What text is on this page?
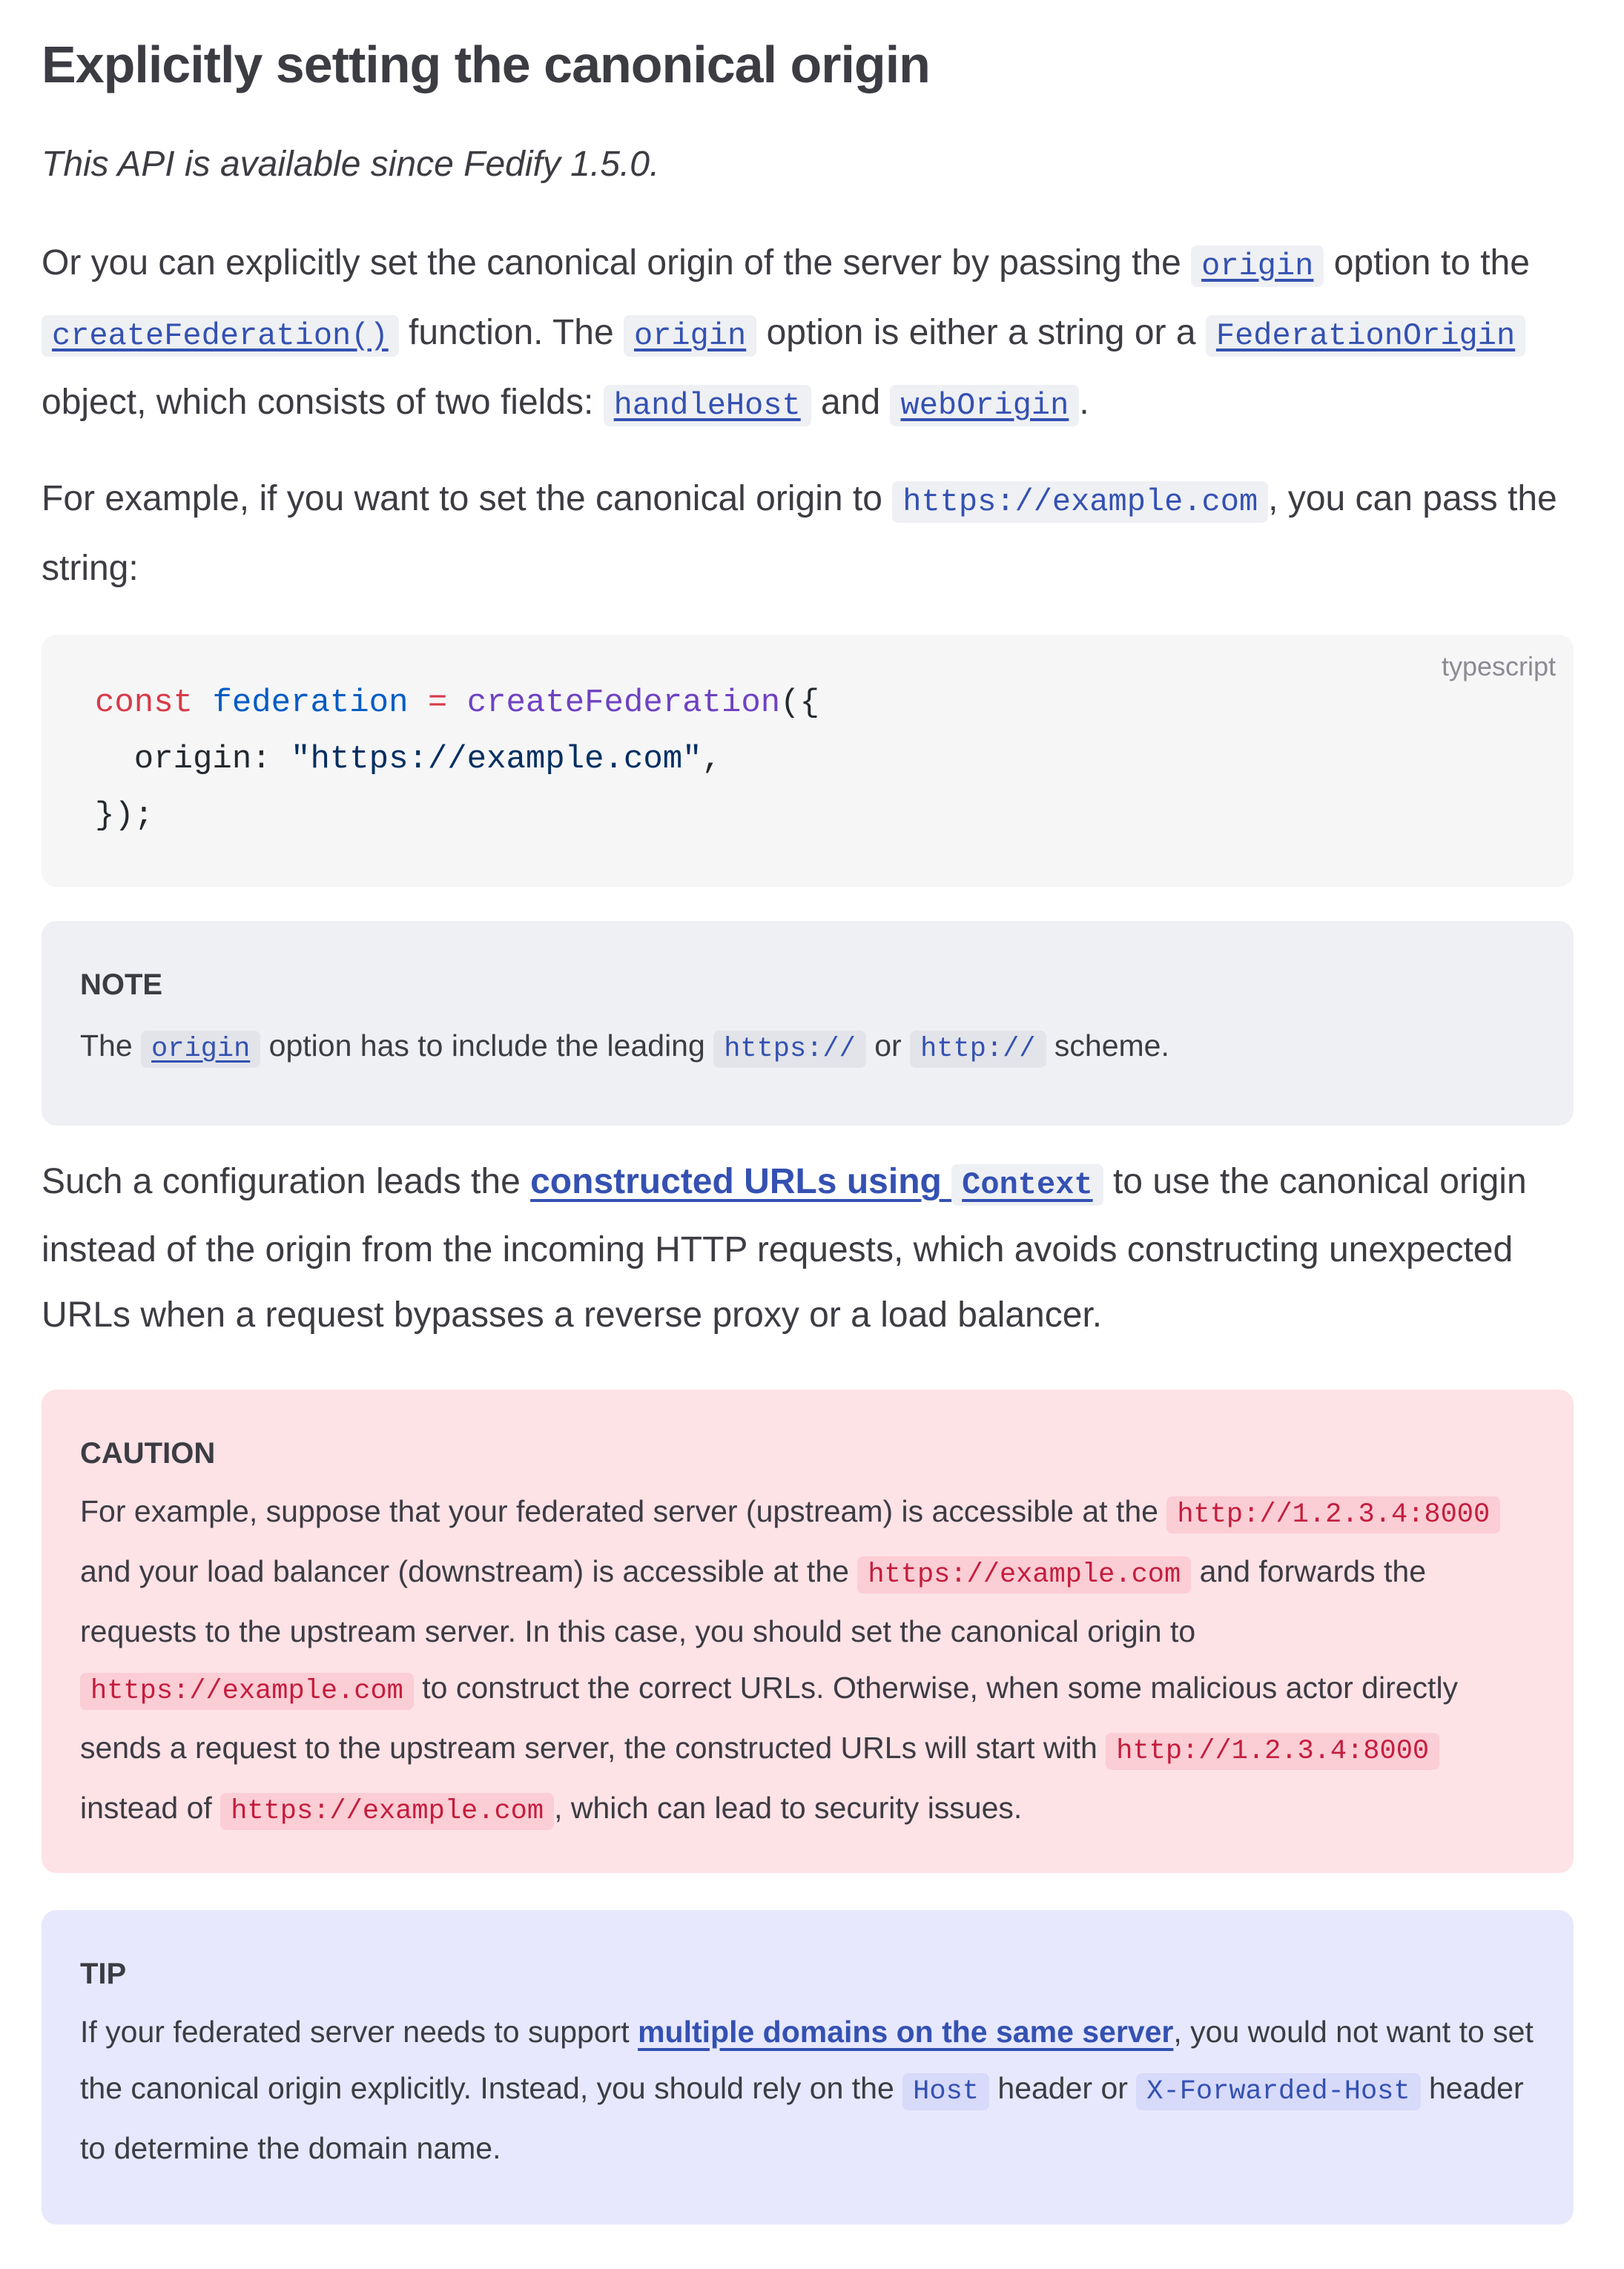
Explicitly setting the canonical origin

This API is available since Fedify 1.5.0.

Or you can explicitly set the canonical origin of the server by passing the origin option to the createFederation() function. The origin option is either a string or a FederationOrigin object, which consists of two fields: handleHost and webOrigin .

For example, if you want to set the canonical origin to https://example.com , you can pass the string:

typescript
const federation = createFederation({
origin: "https://example.com",
});
NOTE
The origin option has to include the leading https:// or http:// scheme.

Such a configuration leads the constructed URLs using Context to use the canonical origin instead of the origin from the incoming HTTP requests, which avoids constructing unexpected URLs when a request bypasses a reverse proxy or a load balancer.

CAUTION
For example, suppose that your federated server (upstream) is accessible at the http://1.2.3.4:8000 and your load balancer (downstream) is accessible at the https://example.com and forwards the requests to the upstream server. In this case, you should set the canonical origin to https://example.com to construct the correct URLs. Otherwise, when some malicious actor directly sends a request to the upstream server, the constructed URLs will start with http://1.2.3.4:8000 instead of https://example.com , which can lead to security issues.
TIP
If your federated server needs to support multiple domains on the same server, you would not want to set the canonical origin explicitly. Instead, you should rely on the Host header or X-Forwarded-Host header to determine the domain name.
